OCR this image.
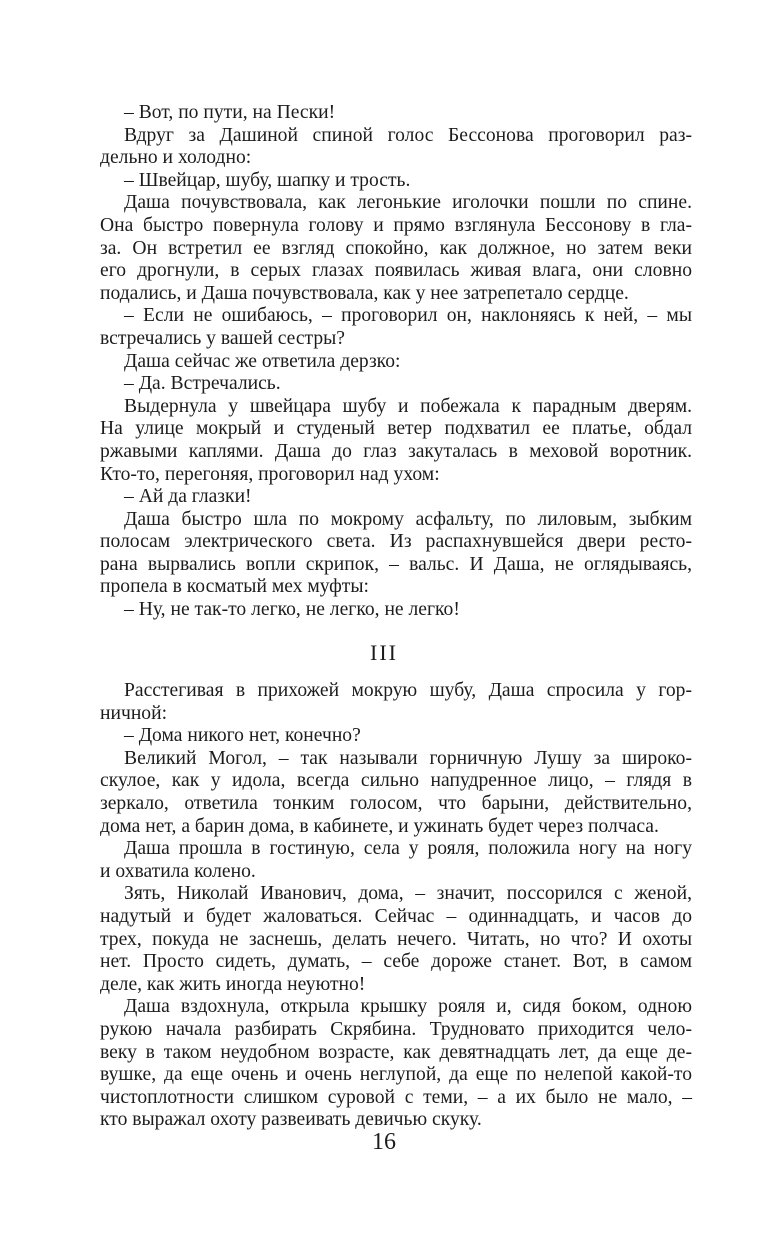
– Вот, по пути, на Пески!
Вдруг за Дашиной спиной голос Бессонова проговорил раз-
дельно и холодно:
– Швейцар, шубу, шапку и трость.
Даша почувствовала, как легонькие иголочки пошли по спине.
Она быстро повернула голову и прямо взглянула Бессонову в гла-
за. Он встретил ее взгляд спокойно, как должное, но затем веки
его дрогнули, в серых глазах появилась живая влага, они словно
подались, и Даша почувствовала, как у нее затрепетало сердце.
– Если не ошибаюсь, – проговорил он, наклоняясь к ней, – мы
встречались у вашей сестры?
Даша сейчас же ответила дерзко:
– Да. Встречались.
Выдернула у швейцара шубу и побежала к парадным дверям.
На улице мокрый и студеный ветер подхватил ее платье, обдал
ржавыми каплями. Даша до глаз закуталась в меховой воротник.
Кто-то, перегоняя, проговорил над ухом:
– Ай да глазки!
Даша быстро шла по мокрому асфальту, по лиловым, зыбким
полосам электрического света. Из распахнувшейся двери ресто-
рана вырвались вопли скрипок, – вальс. И Даша, не оглядываясь,
пропела в косматый мех муфты:
– Ну, не так-то легко, не легко, не легко!
III
Расстегивая в прихожей мокрую шубу, Даша спросила у гор-
ничной:
– Дома никого нет, конечно?
Великий Могол, – так называли горничную Лушу за широко-
скулое, как у идола, всегда сильно напудренное лицо, – глядя в
зеркало, ответила тонким голосом, что барыни, действительно,
дома нет, а барин дома, в кабинете, и ужинать будет через полчаса.
Даша прошла в гостиную, села у рояля, положила ногу на ногу
и охватила колено.
Зять, Николай Иванович, дома, – значит, поссорился с женой,
надутый и будет жаловаться. Сейчас – одиннадцать, и часов до
трех, покуда не заснешь, делать нечего. Читать, но что? И охоты
нет. Просто сидеть, думать, – себе дороже станет. Вот, в самом
деле, как жить иногда неуютно!
Даша вздохнула, открыла крышку рояля и, сидя боком, одною
рукою начала разбирать Скрябина. Трудновато приходится чело-
веку в таком неудобном возрасте, как девятнадцать лет, да еще де-
вушке, да еще очень и очень неглупой, да еще по нелепой какой-то
чистоплотности слишком суровой с теми, – а их было не мало, –
кто выражал охоту развеивать девичью скуку.
16
